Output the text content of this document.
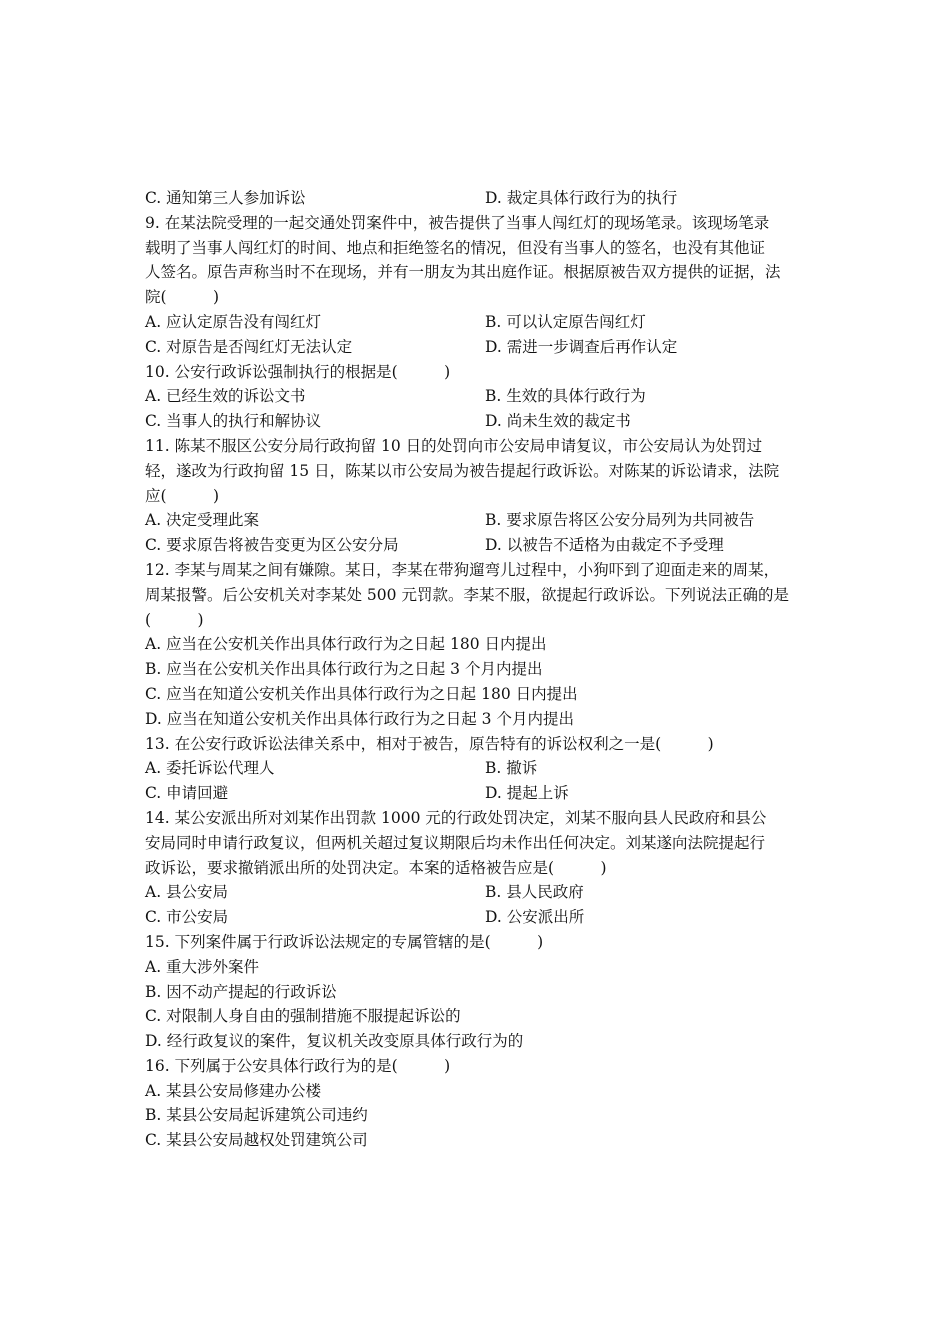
C. 通知第三人参加诉讼	D. 裁定具体行政行为的执行
9. 在某法院受理的一起交通处罚案件中，被告提供了当事人闯红灯的现场笔录。该现场笔录
载明了当事人闯红灯的时间、地点和拒绝签名的情况，但没有当事人的签名，也没有其他证
人签名。原告声称当时不在现场，并有一朋友为其出庭作证。根据原被告双方提供的证据，法
院(　　　)
A. 应认定原告没有闯红灯	B. 可以认定原告闯红灯
C. 对原告是否闯红灯无法认定	D. 需进一步调查后再作认定
10. 公安行政诉讼强制执行的根据是(　　　)
A. 已经生效的诉讼文书	B. 生效的具体行政行为
C. 当事人的执行和解协议	D. 尚未生效的裁定书
11. 陈某不服区公安分局行政拘留 10 日的处罚向市公安局申请复议，市公安局认为处罚过
轻，遂改为行政拘留 15 日，陈某以市公安局为被告提起行政诉讼。对陈某的诉讼请求，法院
应(　　　)
A. 决定受理此案	B. 要求原告将区公安分局列为共同被告
C. 要求原告将被告变更为区公安分局	D. 以被告不适格为由裁定不予受理
12. 李某与周某之间有嫌隙。某日，李某在带狗遛弯儿过程中，小狗吓到了迎面走来的周某，
周某报警。后公安机关对李某处 500 元罚款。李某不服，欲提起行政诉讼。下列说法正确的是
(　　　)
A. 应当在公安机关作出具体行政行为之日起 180 日内提出
B. 应当在公安机关作出具体行政行为之日起 3 个月内提出
C. 应当在知道公安机关作出具体行政行为之日起 180 日内提出
D. 应当在知道公安机关作出具体行政行为之日起 3 个月内提出
13. 在公安行政诉讼法律关系中，相对于被告，原告特有的诉讼权利之一是(　　　)
A. 委托诉讼代理人	B. 撤诉
C. 申请回避	D. 提起上诉
14. 某公安派出所对刘某作出罚款 1000 元的行政处罚决定，刘某不服向县人民政府和县公
安局同时申请行政复议，但两机关超过复议期限后均未作出任何决定。刘某遂向法院提起行
政诉讼，要求撤销派出所的处罚决定。本案的适格被告应是(　　　)
A. 县公安局	B. 县人民政府
C. 市公安局	D. 公安派出所
15. 下列案件属于行政诉讼法规定的专属管辖的是(　　　)
A. 重大涉外案件
B. 因不动产提起的行政诉讼
C. 对限制人身自由的强制措施不服提起诉讼的
D. 经行政复议的案件，复议机关改变原具体行政行为的
16. 下列属于公安具体行政行为的是(　　　)
A. 某县公安局修建办公楼
B. 某县公安局起诉建筑公司违约
C. 某县公安局越权处罚建筑公司
